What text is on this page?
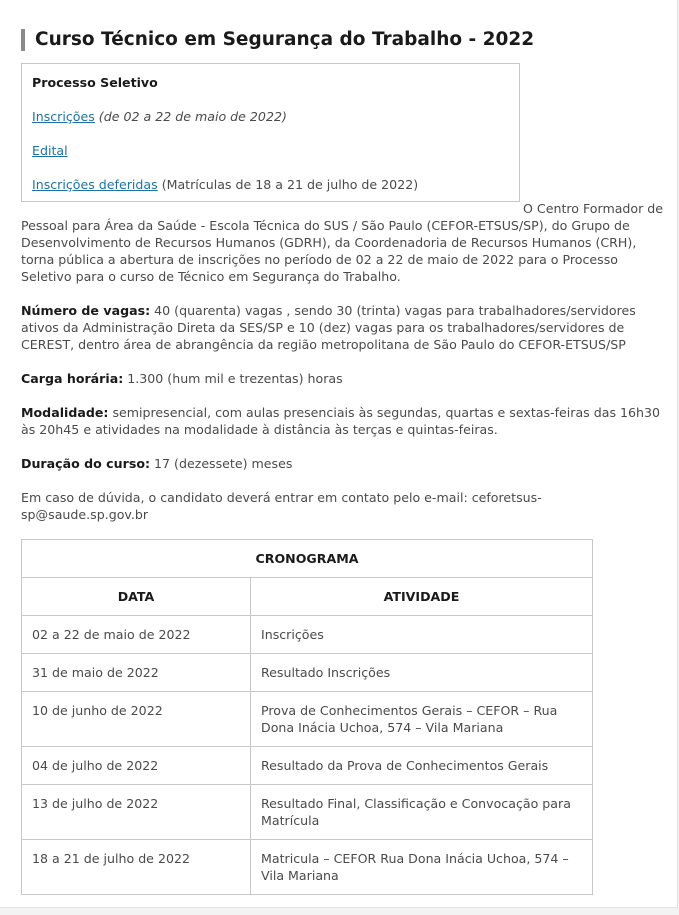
Curso Técnico em Segurança do Trabalho - 2022
Processo Seletivo

Inscrições (de 02 a 22 de maio de 2022)

Edital

Inscrições deferidas (Matrículas de 18 a 21 de julho de 2022)

O Centro Formador de Pessoal para Área da Saúde - Escola Técnica do SUS / São Paulo (CEFOR-ETSUS/SP), do Grupo de Desenvolvimento de Recursos Humanos (GDRH), da Coordenadoria de Recursos Humanos (CRH), torna pública a abertura de inscrições no período de 02 a 22 de maio de 2022 para o Processo Seletivo para o curso de Técnico em Segurança do Trabalho.

Número de vagas: 40 (quarenta) vagas , sendo 30 (trinta) vagas para trabalhadores/servidores ativos da Administração Direta da SES/SP e 10 (dez) vagas para os trabalhadores/servidores de CEREST, dentro área de abrangência da região metropolitana de São Paulo do CEFOR-ETSUS/SP

Carga horária: 1.300 (hum mil e trezentas) horas

Modalidade: semipresencial, com aulas presenciais às segundas, quartas e sextas-feiras das 16h30 às 20h45 e atividades na modalidade à distância às terças e quintas-feiras.

Duração do curso: 17 (dezessete) meses

Em caso de dúvida, o candidato deverá entrar em contato pelo e-mail: ceforetsus-sp@saude.sp.gov.br

CRONOGRAMA	
DATA	ATIVIDADE
02 a 22 de maio de 2022	Inscrições
31 de maio de 2022	Resultado Inscrições
10 de junho de 2022	Prova de Conhecimentos Gerais – CEFOR – Rua Dona Inácia Uchoa, 574 – Vila Mariana
04 de julho de 2022	Resultado da Prova de Conhecimentos Gerais
13 de julho de 2022	Resultado Final, Classificação e Convocação para Matrícula
18 a 21 de julho de 2022	Matricula – CEFOR Rua Dona Inácia Uchoa, 574 – Vila Mariana
